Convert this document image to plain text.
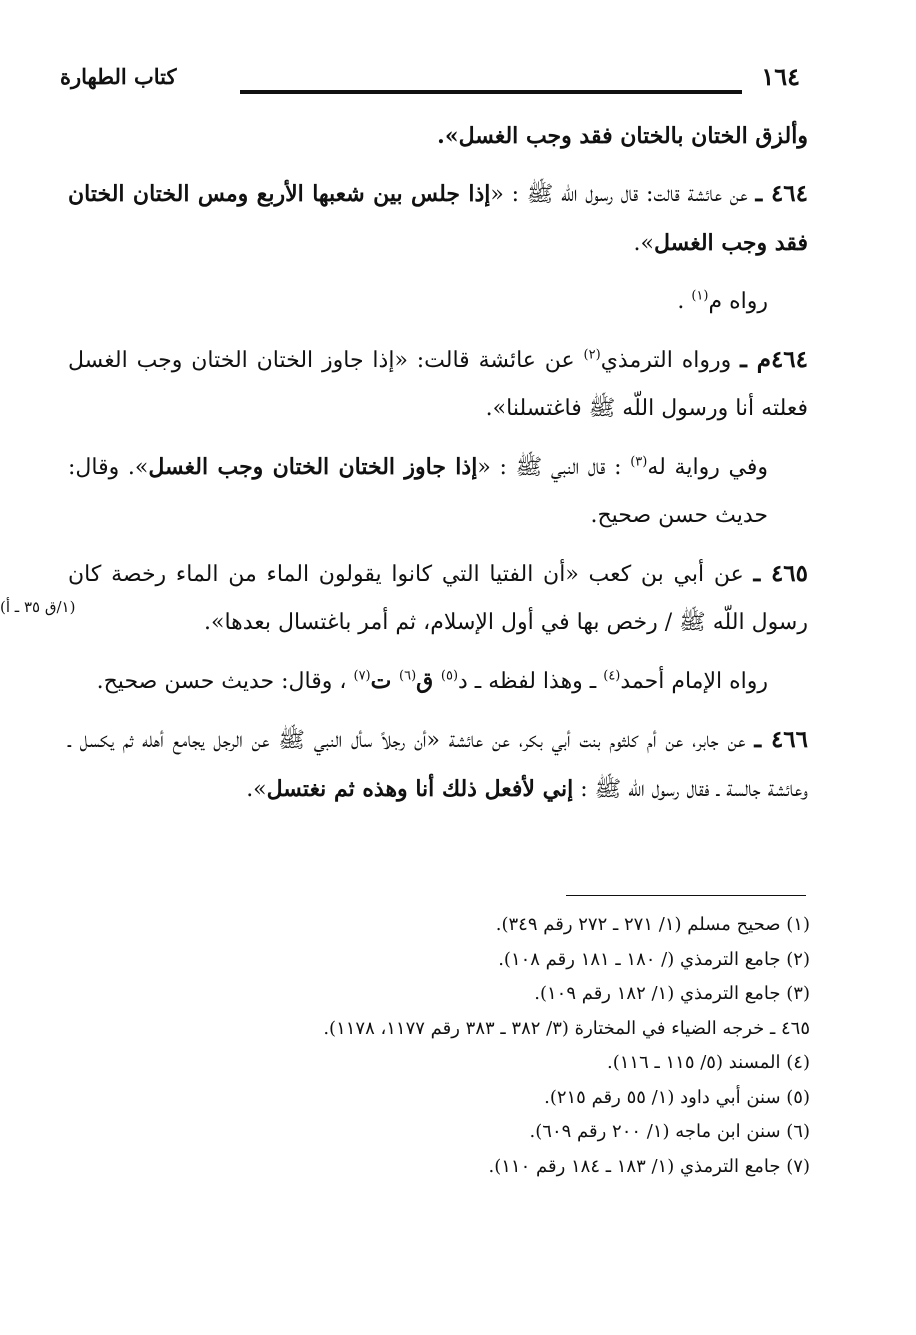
١٦٤
كتاب الطهارة

وألزق الختان بالختان فقد وجب الغسل».

٤٦٤ ـ عن عائشة قالت: قال رسول اللّه ﷺ : «إذا جلس بين شعبها الأربع ومس الختان الختان فقد وجب الغسل».

رواه م$^{(١)}$ .

٤٦٤م ـ ورواه الترمذي$^{(٢)}$ عن عائشة قالت: «إذا جاوز الختان الختان وجب الغسل فعلته أنا ورسول اللّه ﷺ فاغتسلنا».

وفي رواية له$^{(٣)}$ : قال النبي ﷺ : «إذا جاوز الختان الختان وجب الغسل». وقال: حديث حسن صحيح.

٤٦٥ ـ عن أبي بن كعب «أن الفتيا التي كانوا يقولون الماء من الماء رخصة كان رسول اللّه ﷺ / رخص بها في أول الإسلام، ثم أمر باغتسال بعدها».

رواه الإمام أحمد$^{(٤)}$ ـ وهذا لفظه ـ د$^{(٥)}$ ق$^{(٦)}$ ت$^{(٧)}$ ، وقال: حديث حسن صحيح.

٤٦٦ ـ عن جابر، عن أم كلثوم بنت أبي بكر، عن عائشة «أن رجلاً سأل النبي ﷺ عن الرجل يجامع أهله ثم يكسل ـ وعائشة جالسة ـ فقال رسول اللّه ﷺ : إني لأفعل ذلك أنا وهذه ثم نغتسل».

(١/ق ٣٥ ـ أ)

(١) صحيح مسلم (١/ ٢٧١ ـ ٢٧٢ رقم ٣٤٩).

(٢) جامع الترمذي (/ ١٨٠ ـ ١٨١ رقم ١٠٨).

(٣) جامع الترمذي (١/ ١٨٢ رقم ١٠٩).

٤٦٥ ـ خرجه الضياء في المختارة (٣/ ٣٨٢ ـ ٣٨٣ رقم ١١٧٧، ١١٧٨).

(٤) المسند (٥/ ١١٥ ـ ١١٦).

(٥) سنن أبي داود (١/ ٥٥ رقم ٢١٥).

(٦) سنن ابن ماجه (١/ ٢٠٠ رقم ٦٠٩).

(٧) جامع الترمذي (١/ ١٨٣ ـ ١٨٤ رقم ١١٠).
